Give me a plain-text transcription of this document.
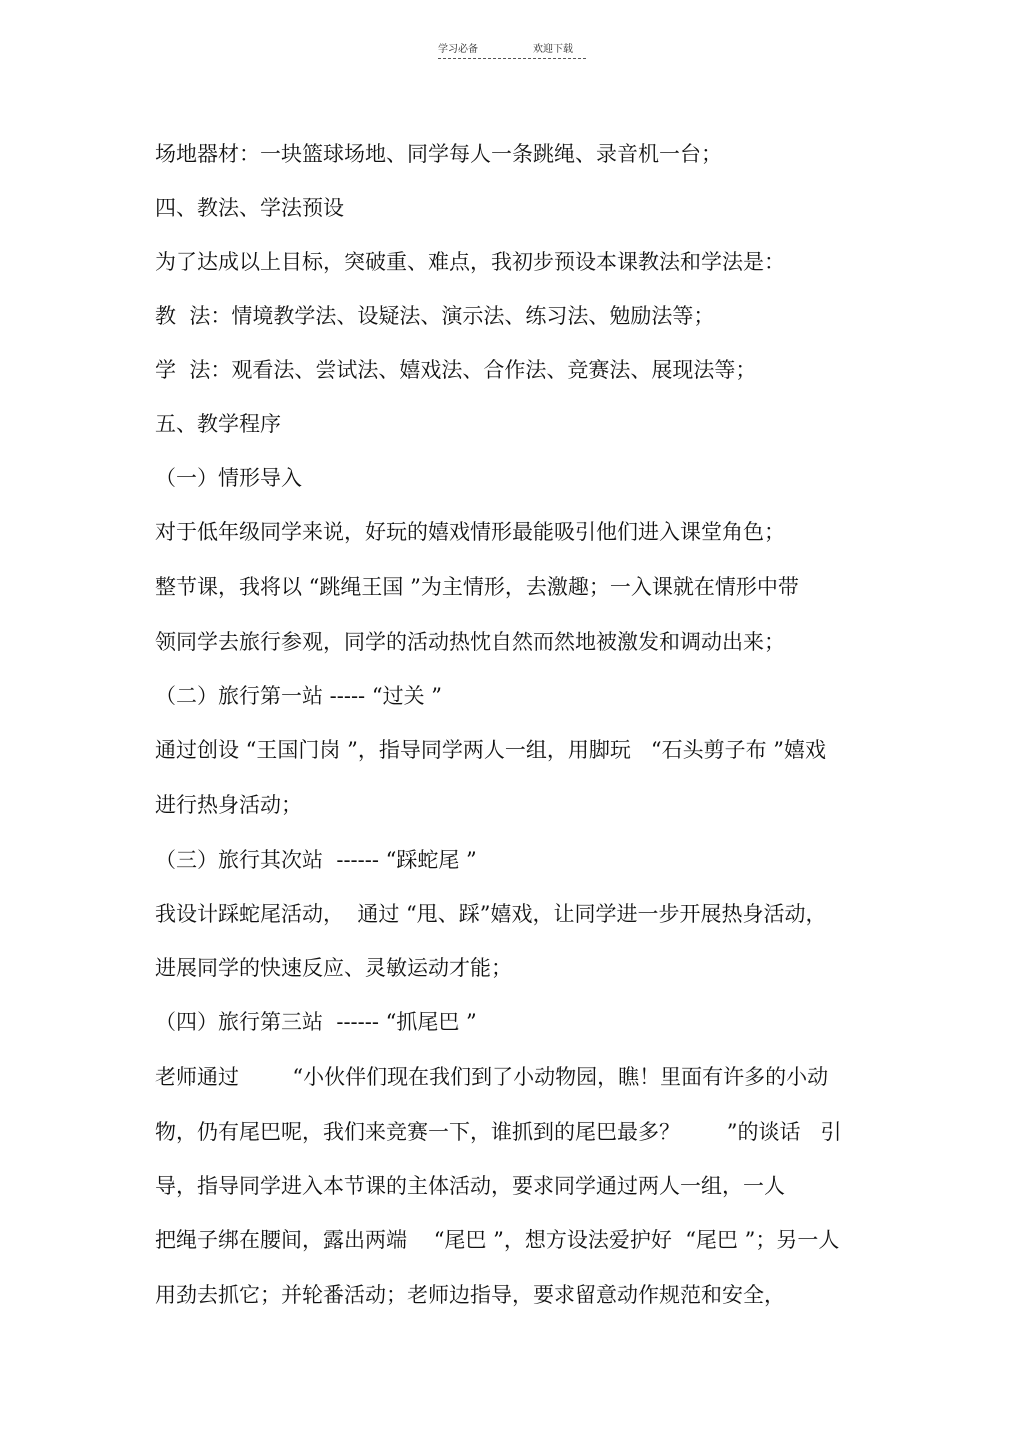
学习必备	欢迎下载
场地器材：一块篮球场地、同学每人一条跳绳、录音机一台；
四、教法、学法预设
为了达成以上目标，突破重、难点，我初步预设本课教法和学法是：
教  法：情境教学法、设疑法、演示法、练习法、勉励法等；
学  法：观看法、尝试法、嬉戏法、合作法、竞赛法、展现法等；
五、教学程序
（一）情形导入
对于低年级同学来说，好玩的嬉戏情形最能吸引他们进入课堂角色；
整节课，我将以 “跳绳王国 ”为主情形，去激趣；一入课就在情形中带
领同学去旅行参观，同学的活动热忱自然而然地被激发和调动出来；
（二）旅行第一站 ----- “过关 ”
通过创设 “王国门岗 ”，指导同学两人一组，用脚玩   “石头剪子布 ”嬉戏
进行热身活动；
（三）旅行其次站  ------ “踩蛇尾 ”
我设计踩蛇尾活动，  通过 “甩、踩”嬉戏，让同学进一步开展热身活动，
进展同学的快速反应、灵敏运动才能；
（四）旅行第三站  ------ “抓尾巴 ”
老师通过        “小伙伴们现在我们到了小动物园，瞧！里面有许多的小动
物，仍有尾巴呢，我们来竞赛一下，谁抓到的尾巴最多？       ”的谈话   引
导，指导同学进入本节课的主体活动，要求同学通过两人一组，一人
把绳子绑在腰间，露出两端    “尾巴 ”，想方设法爱护好  “尾巴 ”；另一人
用劲去抓它；并轮番活动；老师边指导，要求留意动作规范和安全，
